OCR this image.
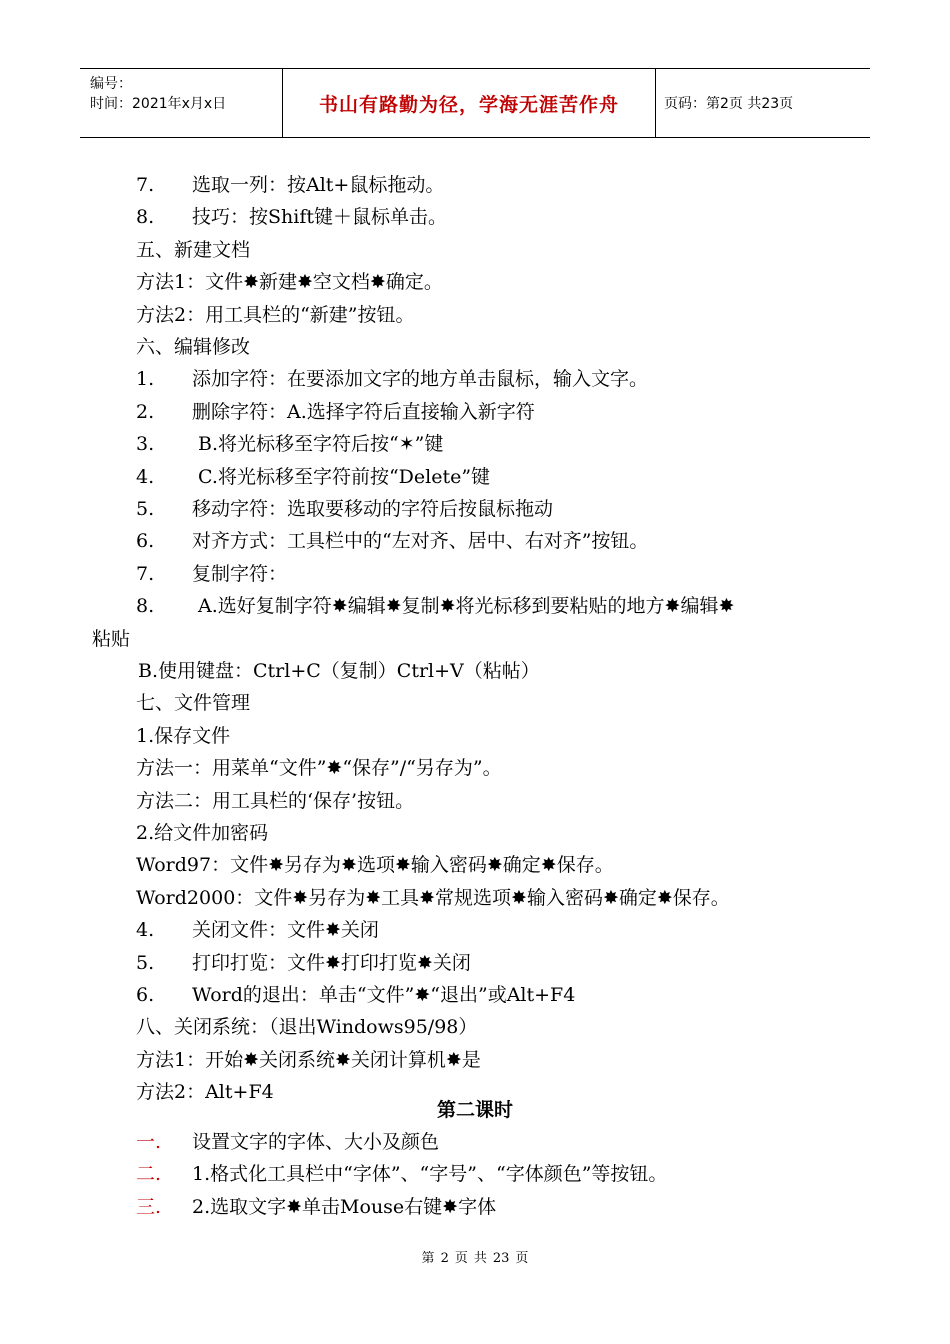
编号：
时间：2021年x月x日	书山有路勤为径，学海无涯苦作舟	页码：第2页 共23页
7. 选取一列：按Alt+鼠标拖动。
8. 技巧：按Shift键＋鼠标单击。
五、新建文档
方法1：文件✸新建✸空文档✸确定。
方法2：用工具栏的“新建”按钮。
六、编辑修改
1. 添加字符：在要添加文字的地方单击鼠标，输入文字。
2. 删除字符：A.选择字符后直接输入新字符
3. B.将光标移至字符后按“✶”键
4. C.将光标移至字符前按“Delete”键
5. 移动字符：选取要移动的字符后按鼠标拖动
6. 对齐方式：工具栏中的“左对齐、居中、右对齐”按钮。
7. 复制字符：
8. A.选好复制字符✸编辑✸复制✸将光标移到要粘贴的地方✸编辑✸
粘贴
B.使用键盘：Ctrl+C（复制）Ctrl+V（粘帖）
七、文件管理
1.保存文件
方法一：用菜单“文件”✸“保存”/“另存为”。
方法二：用工具栏的‘保存’按钮。
2.给文件加密码
Word97：文件✸另存为✸选项✸输入密码✸确定✸保存。
Word2000：文件✸另存为✸工具✸常规选项✸输入密码✸确定✸保存。
4. 关闭文件：文件✸关闭
5. 打印打览：文件✸打印打览✸关闭
6. Word的退出：单击“文件”✸“退出”或Alt+F4
八、关闭系统：（退出Windows95/98）
方法1：开始✸关闭系统✸关闭计算机✸是
方法2：Alt+F4
第二课时
一. 设置文字的字体、大小及颜色
二. 1.格式化工具栏中“字体”、“字号”、“字体颜色”等按钮。
三. 2.选取文字✸单击Mouse右键✸字体
第 2 页 共 23 页
